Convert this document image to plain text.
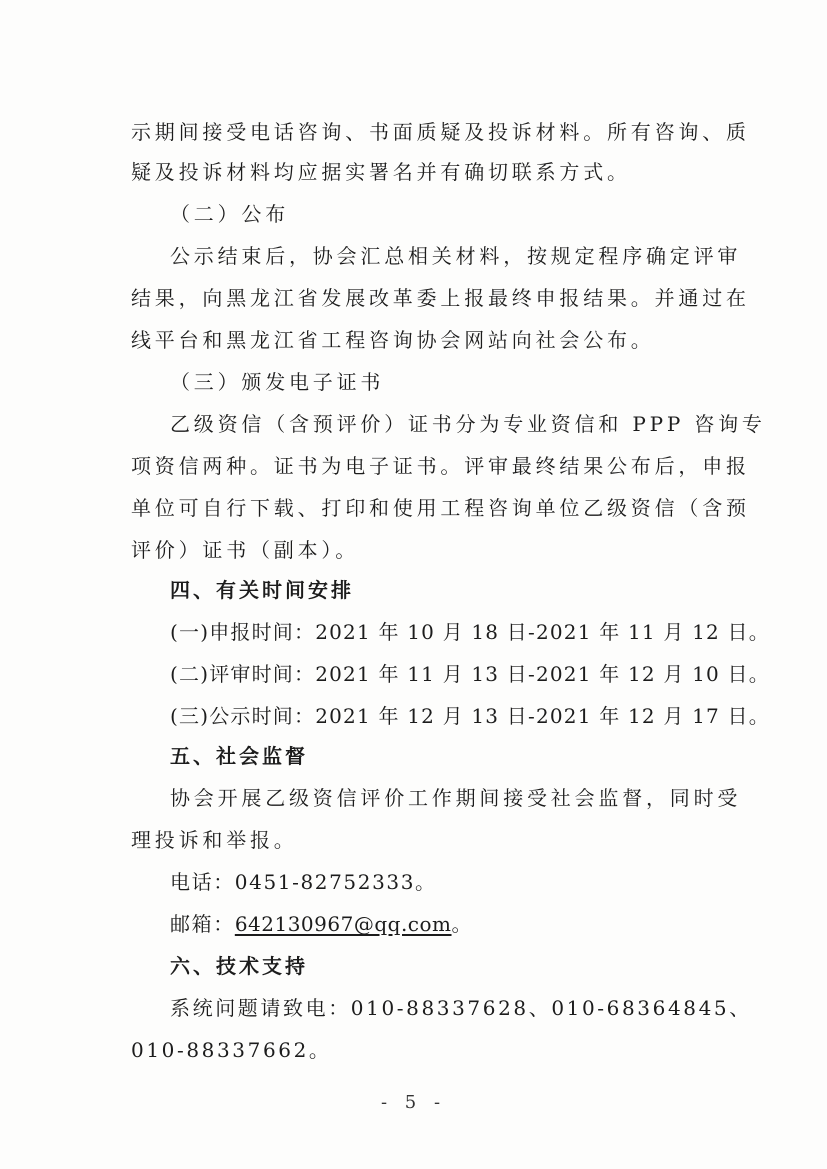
示期间接受电话咨询、书面质疑及投诉材料。所有咨询、质
疑及投诉材料均应据实署名并有确切联系方式。
（二）公布
公示结束后，协会汇总相关材料，按规定程序确定评审
结果，向黑龙江省发展改革委上报最终申报结果。并通过在
线平台和黑龙江省工程咨询协会网站向社会公布。
（三）颁发电子证书
乙级资信（含预评价）证书分为专业资信和 PPP 咨询专
项资信两种。证书为电子证书。评审最终结果公布后，申报
单位可自行下载、打印和使用工程咨询单位乙级资信（含预
评价）证书（副本）。
四、有关时间安排
(一)申报时间：2021 年 10 月 18 日-2021 年 11 月 12 日。
(二)评审时间：2021 年 11 月 13 日-2021 年 12 月 10 日。
(三)公示时间：2021 年 12 月 13 日-2021 年 12 月 17 日。
五、社会监督
协会开展乙级资信评价工作期间接受社会监督，同时受
理投诉和举报。
电话：0451-82752333。
邮箱：642130967@qq.com。
六、技术支持
系统问题请致电：010-88337628、010-68364845、
010-88337662。
- 5 -
